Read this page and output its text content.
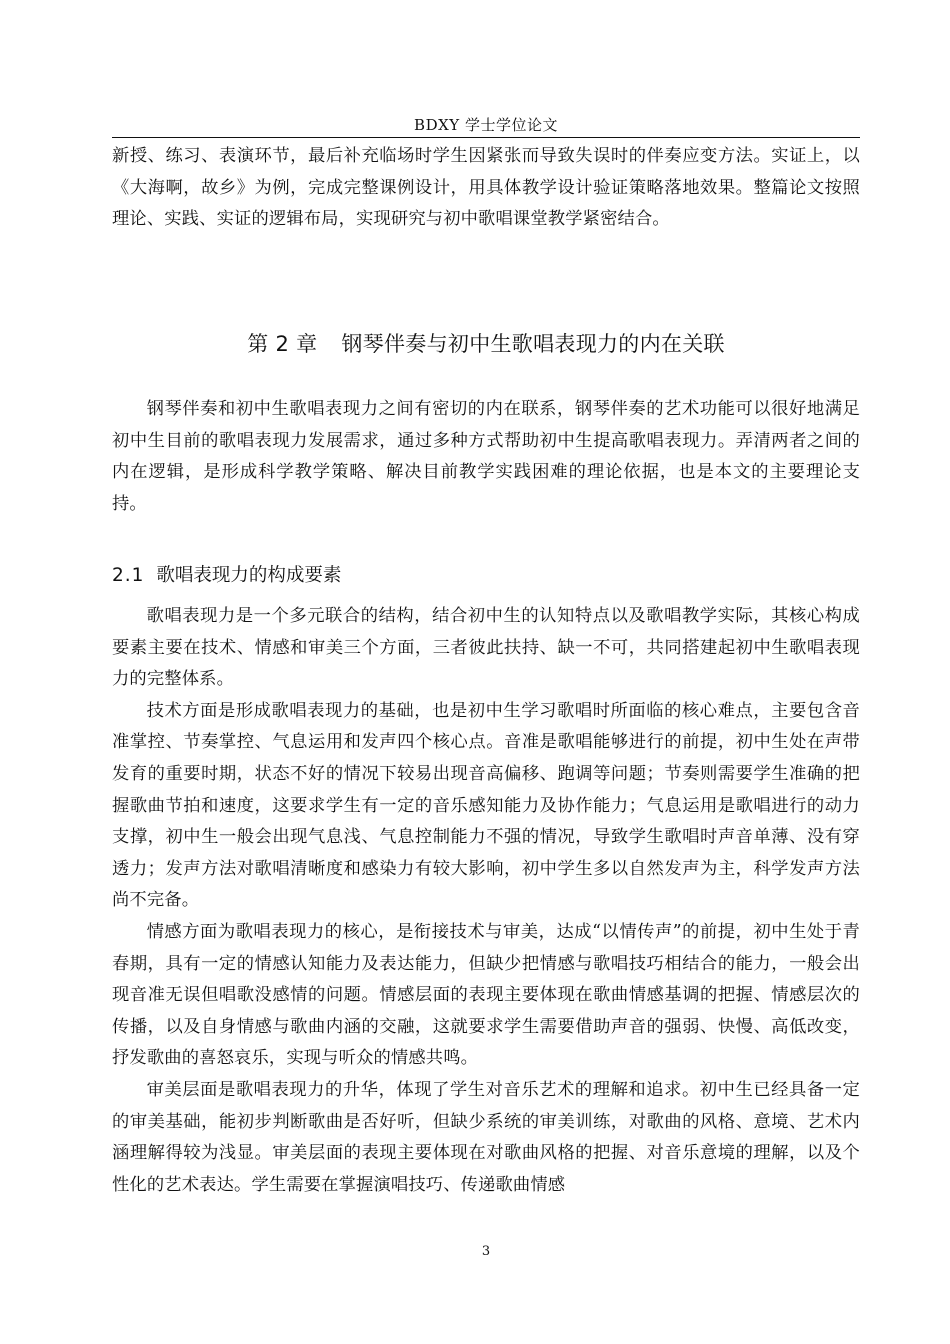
BDXY 学士学位论文

新授、练习、表演环节，最后补充临场时学生因紧张而导致失误时的伴奏应变方法。实证上，以《大海啊，故乡》为例，完成完整课例设计，用具体教学设计验证策略落地效果。整篇论文按照理论、实践、实证的逻辑布局，实现研究与初中歌唱课堂教学紧密结合。

第 2 章 钢琴伴奏与初中生歌唱表现力的内在关联

钢琴伴奏和初中生歌唱表现力之间有密切的内在联系，钢琴伴奏的艺术功能可以很好地满足初中生目前的歌唱表现力发展需求，通过多种方式帮助初中生提高歌唱表现力。弄清两者之间的内在逻辑，是形成科学教学策略、解决目前教学实践困难的理论依据，也是本文的主要理论支持。

2.1 歌唱表现力的构成要素

歌唱表现力是一个多元联合的结构，结合初中生的认知特点以及歌唱教学实际，其核心构成要素主要在技术、情感和审美三个方面，三者彼此扶持、缺一不可，共同搭建起初中生歌唱表现力的完整体系。

技术方面是形成歌唱表现力的基础，也是初中生学习歌唱时所面临的核心难点，主要包含音准掌控、节奏掌控、气息运用和发声四个核心点。音准是歌唱能够进行的前提，初中生处在声带发育的重要时期，状态不好的情况下较易出现音高偏移、跑调等问题；节奏则需要学生准确的把握歌曲节拍和速度，这要求学生有一定的音乐感知能力及协作能力；气息运用是歌唱进行的动力支撑，初中生一般会出现气息浅、气息控制能力不强的情况，导致学生歌唱时声音单薄、没有穿透力；发声方法对歌唱清晰度和感染力有较大影响，初中学生多以自然发声为主，科学发声方法尚不完备。

情感方面为歌唱表现力的核心，是衔接技术与审美，达成“以情传声”的前提，初中生处于青春期，具有一定的情感认知能力及表达能力，但缺少把情感与歌唱技巧相结合的能力，一般会出现音准无误但唱歌没感情的问题。情感层面的表现主要体现在歌曲情感基调的把握、情感层次的传播，以及自身情感与歌曲内涵的交融，这就要求学生需要借助声音的强弱、快慢、高低改变，抒发歌曲的喜怒哀乐，实现与听众的情感共鸣。

审美层面是歌唱表现力的升华，体现了学生对音乐艺术的理解和追求。初中生已经具备一定的审美基础，能初步判断歌曲是否好听，但缺少系统的审美训练，对歌曲的风格、意境、艺术内涵理解得较为浅显。审美层面的表现主要体现在对歌曲风格的把握、对音乐意境的理解，以及个性化的艺术表达。学生需要在掌握演唱技巧、传递歌曲情感

3
